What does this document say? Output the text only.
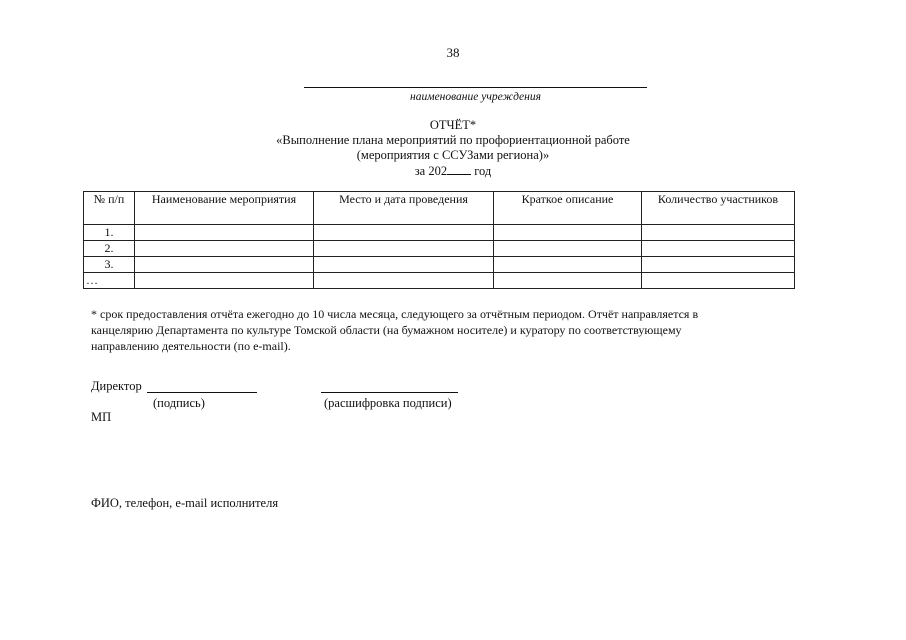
38
наименование учреждения
ОТЧЁТ*
«Выполнение плана мероприятий по профориентационной работе
(мероприятия с ССУЗами региона)»
за 202 год
№ п/п	Наименование мероприятия	Место и дата проведения	Краткое описание	Количество участников
1.				
2.				
3.				
…				
* срок предоставления отчёта ежегодно до 10 числа месяца, следующего за отчётным периодом. Отчёт направляется в
канцелярию Департамента по культуре Томской области (на бумажном носителе) и куратору по соответствующему
направлению деятельности (по e-mail).
Директор
(подпись)	(расшифровка подписи)
МП
ФИО, телефон, e-mail исполнителя
